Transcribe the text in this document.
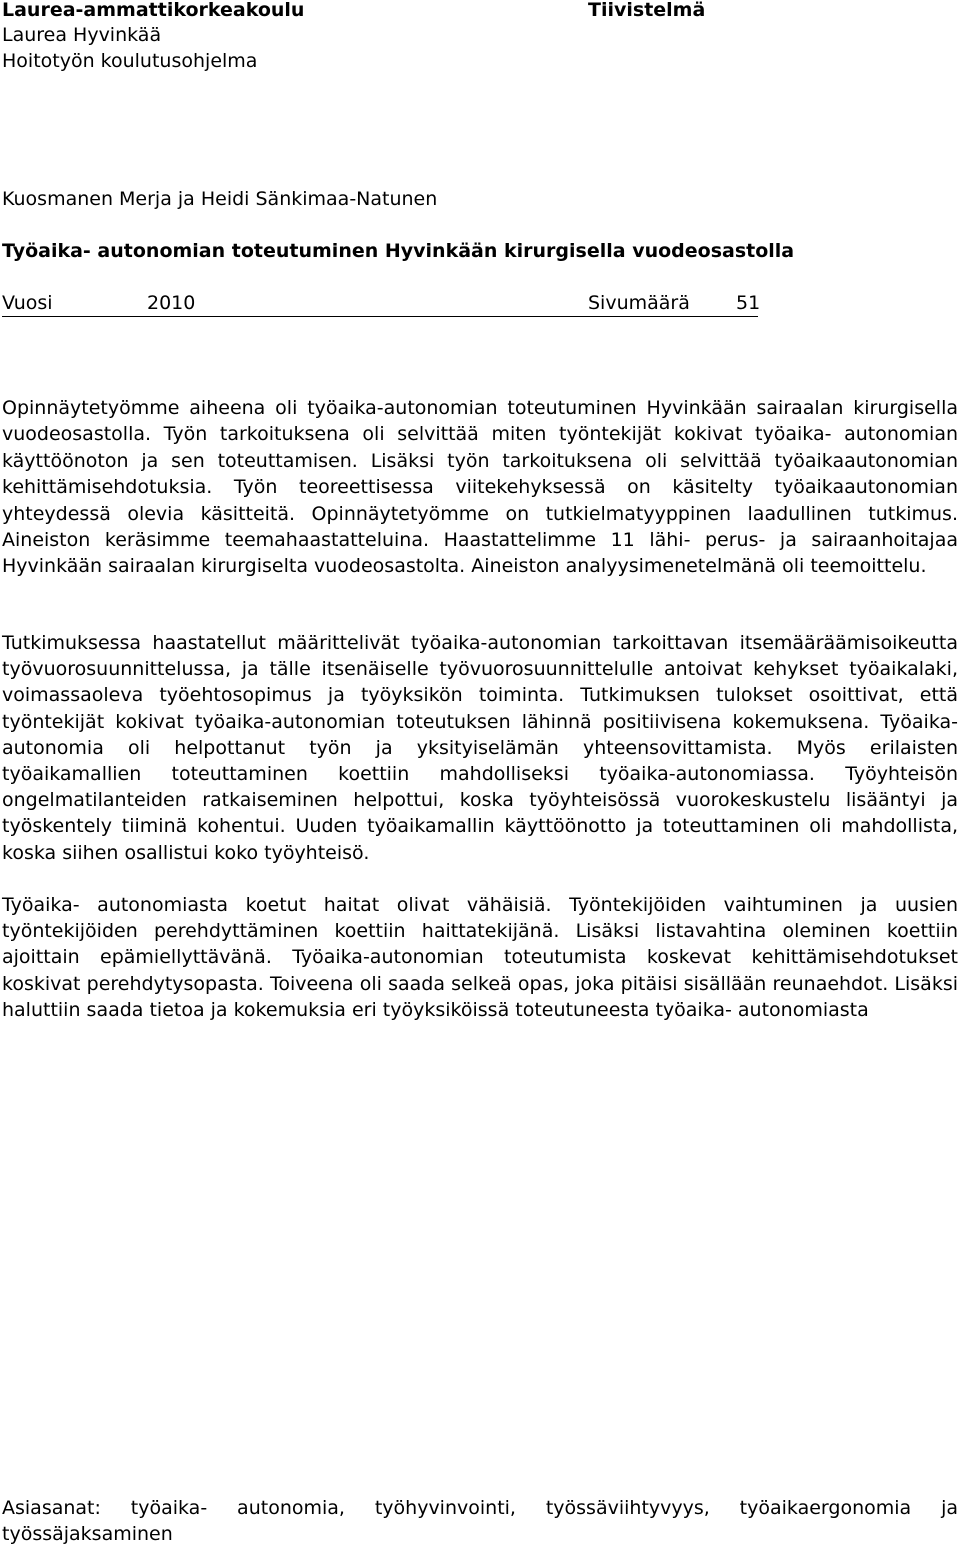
Laurea-ammattikorkeakoulu
Laurea Hyvinkää
Hoitotyön koulutusohjelma
Tiivistelmä
Kuosmanen Merja ja Heidi Sänkimaa-Natunen
Työaika- autonomian toteutuminen Hyvinkään kirurgisella vuodeosastolla
Vuosi	2010	Sivumäärä 51

Opinnäytetyömme aiheena oli työaika-autonomian toteutuminen Hyvinkään sairaalan kirurgisella vuodeosastolla. Työn tarkoituksena oli selvittää miten työntekijät kokivat työaika- autonomian käyttöönoton ja sen toteuttamisen. Lisäksi työn tarkoituksena oli selvittää työaikaautonomian kehittämisehdotuksia. Työn teoreettisessa viitekehyksessä on käsitelty työaikaautonomian yhteydessä olevia käsitteitä. Opinnäytetyömme on tutkielmatyyppinen laadullinen tutkimus. Aineiston keräsimme teemahaastatteluina. Haastattelimme 11 lähi- perus- ja sairaanhoitajaa Hyvinkään sairaalan kirurgiselta vuodeosastolta. Aineiston analyysimenetelmänä oli teemoittelu.

Tutkimuksessa haastatellut määrittelivät työaika-autonomian tarkoittavan itsemääräämisoikeutta työvuorosuunnittelussa, ja tälle itsenäiselle työvuorosuunnittelulle antoivat kehykset työaikalaki, voimassaoleva työehtosopimus ja työyksikön toiminta. Tutkimuksen tulokset osoittivat, että työntekijät kokivat työaika-autonomian toteutuksen lähinnä positiivisena kokemuksena. Työaika-autonomia oli helpottanut työn ja yksityiselämän yhteensovittamista. Myös erilaisten työaikamallien toteuttaminen koettiin mahdolliseksi työaika-autonomiassa. Työyhteisön ongelmatilanteiden ratkaiseminen helpottui, koska työyhteisössä vuorokeskustelu lisääntyi ja työskentely tiiminä kohentui. Uuden työaikamallin käyttöönotto ja toteuttaminen oli mahdollista, koska siihen osallistui koko työyhteisö.

Työaika- autonomiasta koetut haitat olivat vähäisiä. Työntekijöiden vaihtuminen ja uusien työntekijöiden perehdyttäminen koettiin haittatekijänä. Lisäksi listavahtina oleminen koettiin ajoittain epämiellyttävänä. Työaika-autonomian toteutumista koskevat kehittämisehdotukset koskivat perehdytysopasta. Toiveena oli saada selkeä opas, joka pitäisi sisällään reunaehdot. Lisäksi haluttiin saada tietoa ja kokemuksia eri työyksiköissä toteutuneesta työaika- autonomiasta

Asiasanat: työaika- autonomia, työhyvinvointi, työssäviihtyvyys, työaikaergonomia ja työssäjaksaminen
